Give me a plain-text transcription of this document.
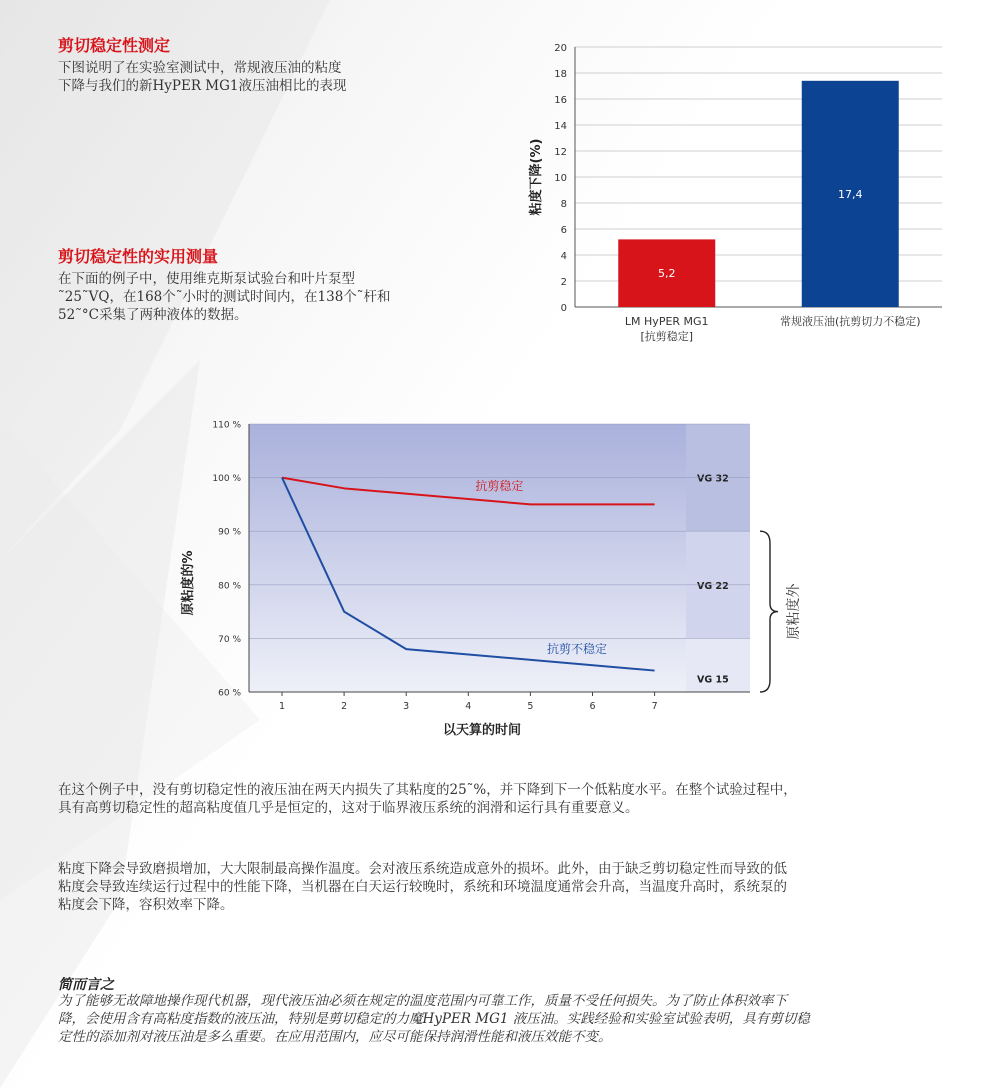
剪切稳定性测定
下图说明了在实验室测试中，常规液压油的粘度
下降与我们的新HyPER MG1液压油相比的表现
剪切稳定性的实用测量
在下面的例子中，使用维克斯泵试验台和叶片泵型
˜25˜VQ，在168个˜小时的测试时间内，在138个˜杆和
52˜°C采集了两种液体的数据。	0
2
4
6
8
10
12
14
16
18
20
粘度下降(%)
5,2
LM HyPER MG1
[抗剪稳定]
17,4
常规液压油(抗剪切力不稳定)
VG 32
VG 22
VG 15
60 %
70 %
80 %
90 %
100 %
110 %
1	2	3	4	5	6	7
以天算的时间
原粘度的%
抗剪稳定
抗剪不稳定
原粘度外
在这个例子中，没有剪切稳定性的液压油在两天内损失了其粘度的25˜%，并下降到下一个低粘度水平。在整个试验过程中，
具有高剪切稳定性的超高粘度值几乎是恒定的，这对于临界液压系统的润滑和运行具有重要意义。
粘度下降会导致磨损增加，大大限制最高操作温度。会对液压系统造成意外的损坏。此外，由于缺乏剪切稳定性而导致的低
粘度会导致连续运行过程中的性能下降，当机器在白天运行较晚时，系统和环境温度通常会升高，当温度升高时，系统泵的
粘度会下降，容积效率下降。
简而言之
为了能够无故障地操作现代机器，现代液压油必须在规定的温度范围内可靠工作，质量不受任何损失。为了防止体积效率下
降，会使用含有高粘度指数的液压油，特别是剪切稳定的力魔HyPER MG1 液压油。实践经验和实验室试验表明，具有剪切稳
定性的添加剂对液压油是多么重要。在应用范围内，应尽可能保持润滑性能和液压效能不变。
